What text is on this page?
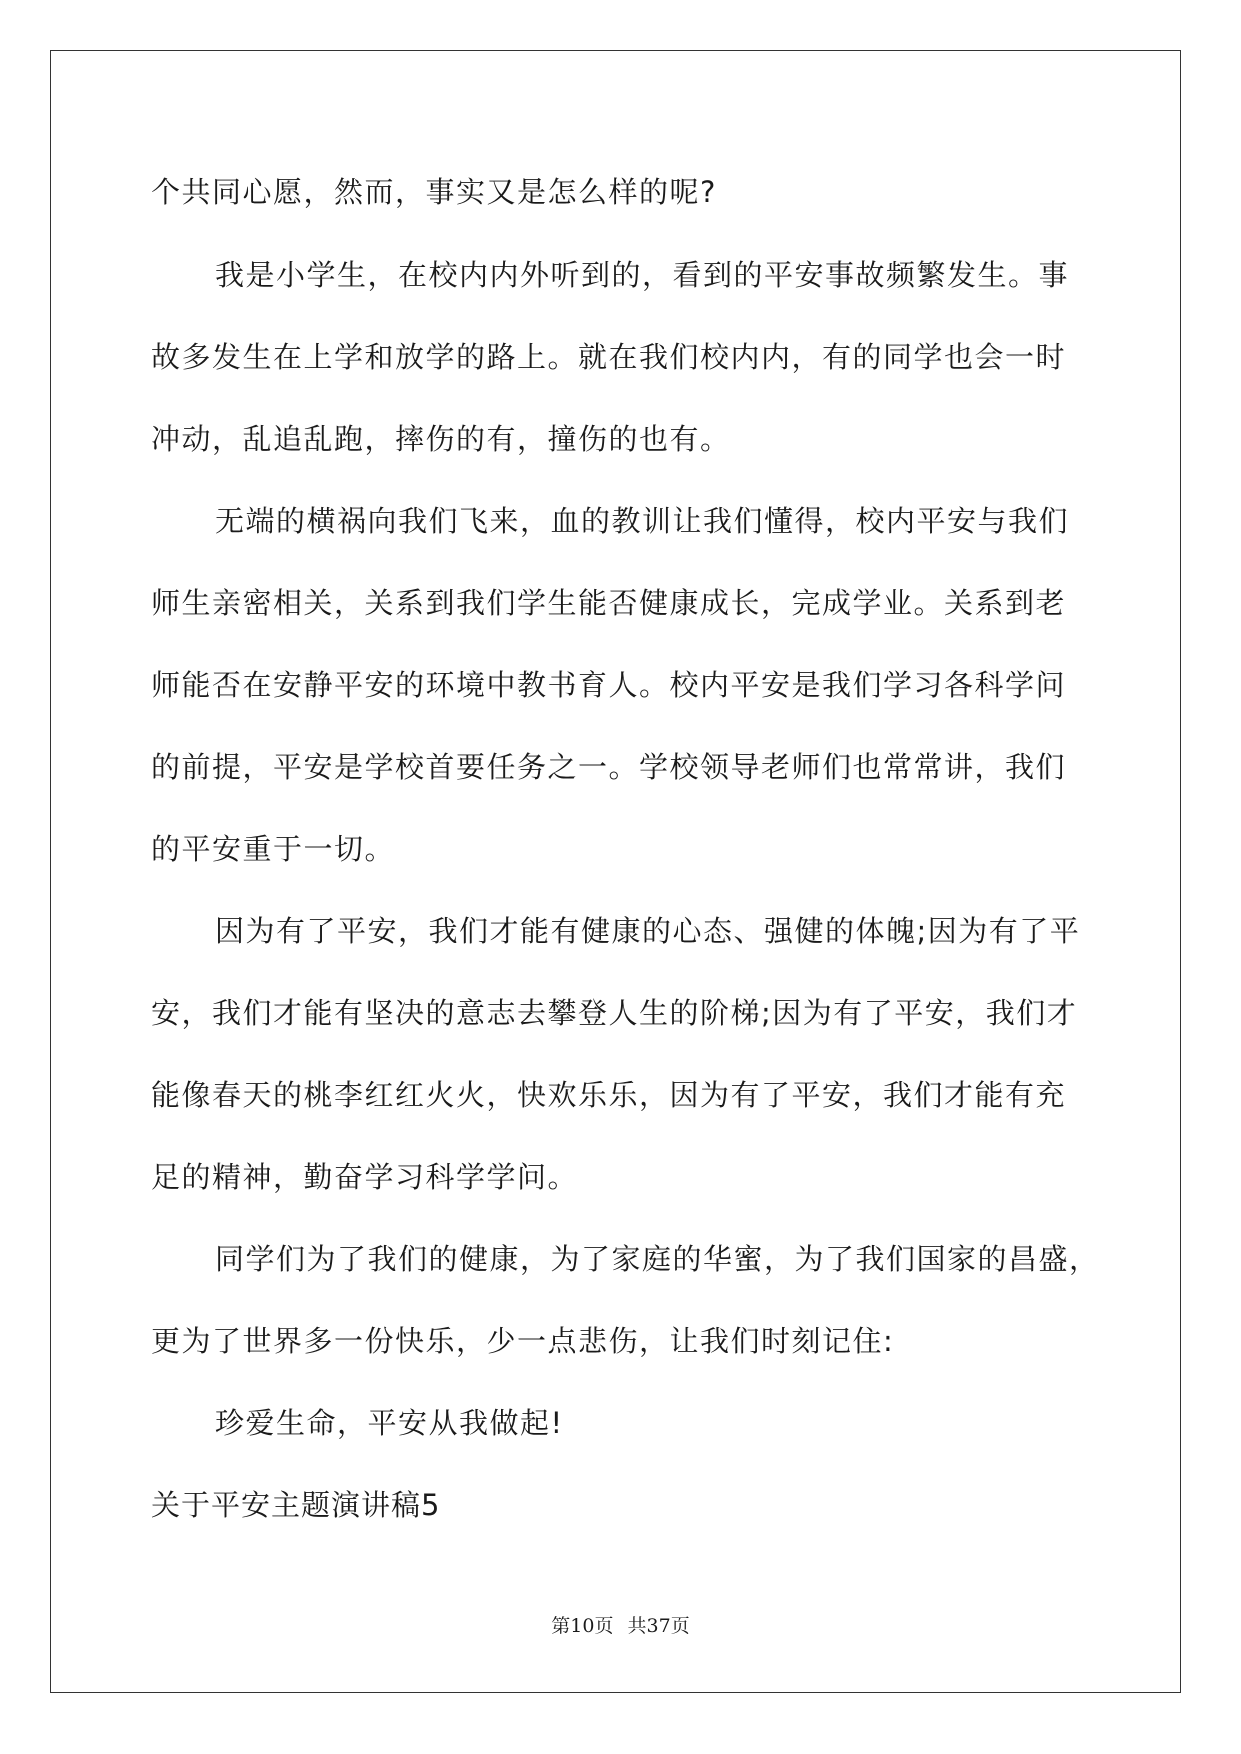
个共同心愿，然而，事实又是怎么样的呢?
我是小学生，在校内内外听到的，看到的平安事故频繁发生。事
故多发生在上学和放学的路上。就在我们校内内，有的同学也会一时
冲动，乱追乱跑，摔伤的有，撞伤的也有。
无端的横祸向我们飞来，血的教训让我们懂得，校内平安与我们
师生亲密相关，关系到我们学生能否健康成长，完成学业。关系到老
师能否在安静平安的环境中教书育人。校内平安是我们学习各科学问
的前提，平安是学校首要任务之一。学校领导老师们也常常讲，我们
的平安重于一切。
因为有了平安，我们才能有健康的心态、强健的体魄;因为有了平
安，我们才能有坚决的意志去攀登人生的阶梯;因为有了平安，我们才
能像春天的桃李红红火火，快欢乐乐，因为有了平安，我们才能有充
足的精神，勤奋学习科学学问。
同学们为了我们的健康，为了家庭的华蜜，为了我们国家的昌盛，
更为了世界多一份快乐，少一点悲伤，让我们时刻记住:
珍爱生命，平安从我做起!
关于平安主题演讲稿5
第10页 共37页
